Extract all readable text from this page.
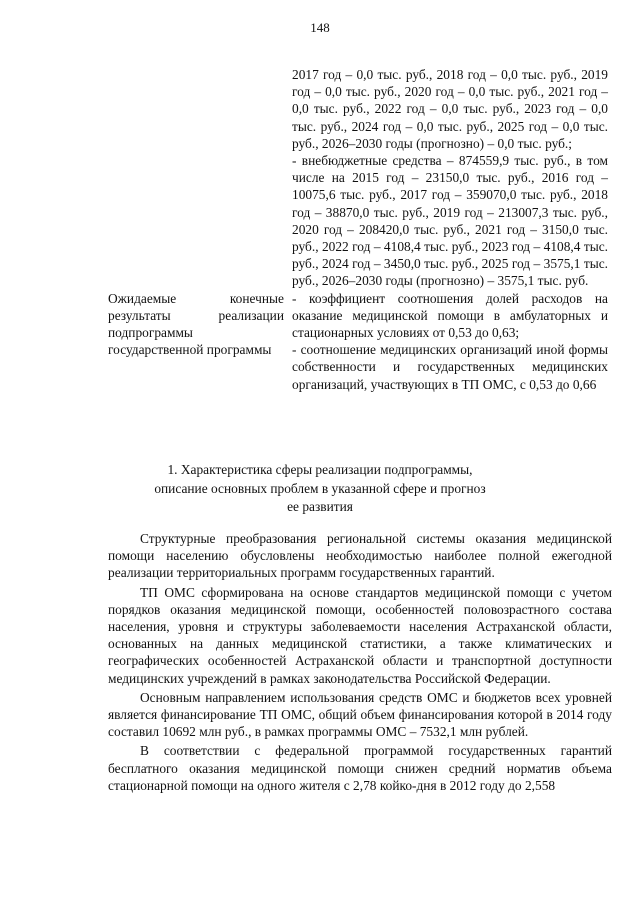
148

	2017 год – 0,0 тыс. руб., 2018 год – 0,0 тыс. руб., 2019 год – 0,0 тыс. руб., 2020 год – 0,0 тыс. руб., 2021 год – 0,0 тыс. руб., 2022 год – 0,0 тыс. руб., 2023 год – 0,0 тыс. руб., 2024 год – 0,0 тыс. руб., 2025 год – 0,0 тыс. руб., 2026–2030 годы (прогнозно) – 0,0 тыс. руб.;

- внебюджетные средства – 874559,9 тыс. руб., в том числе на 2015 год – 23150,0 тыс. руб., 2016 год – 10075,6 тыс. руб., 2017 год – 359070,0 тыс. руб., 2018 год – 38870,0 тыс. руб., 2019 год – 213007,3 тыс. руб., 2020 год – 208420,0 тыс. руб., 2021 год – 3150,0 тыс. руб., 2022 год – 4108,4 тыс. руб., 2023 год – 4108,4 тыс. руб., 2024 год – 3450,0 тыс. руб., 2025 год – 3575,1 тыс. руб., 2026–2030 годы (прогнозно) – 3575,1 тыс. руб.

Ожидаемые конечные результаты реализации подпрограммы государственной программы	- коэффициент соотношения долей расходов на оказание медицинской помощи в амбулаторных и стационарных условиях от 0,53 до 0,63;

- соотношение медицинских организаций иной формы собственности и государственных медицинских организаций, участвующих в ТП ОМС, с 0,53 до 0,66

1. Характеристика сферы реализации подпрограммы,
описание основных проблем в указанной сфере и прогноз
ее развития

Структурные преобразования региональной системы оказания медицинской помощи населению обусловлены необходимостью наиболее полной ежегодной реализации территориальных программ государственных гарантий.

ТП ОМС сформирована на основе стандартов медицинской помощи с учетом порядков оказания медицинской помощи, особенностей половозрастного состава населения, уровня и структуры заболеваемости населения Астраханской области, основанных на данных медицинской статистики, а также климатических и географических особенностей Астраханской области и транспортной доступности медицинских учреждений в рамках законодательства Российской Федерации.

Основным направлением использования средств ОМС и бюджетов всех уровней является финансирование ТП ОМС, общий объем финансирования которой в 2014 году составил 10692 млн руб., в рамках программы ОМС – 7532,1 млн рублей.

В соответствии с федеральной программой государственных гарантий бесплатного оказания медицинской помощи снижен средний норматив объема стационарной помощи на одного жителя с 2,78 койко-дня в 2012 году до 2,558
